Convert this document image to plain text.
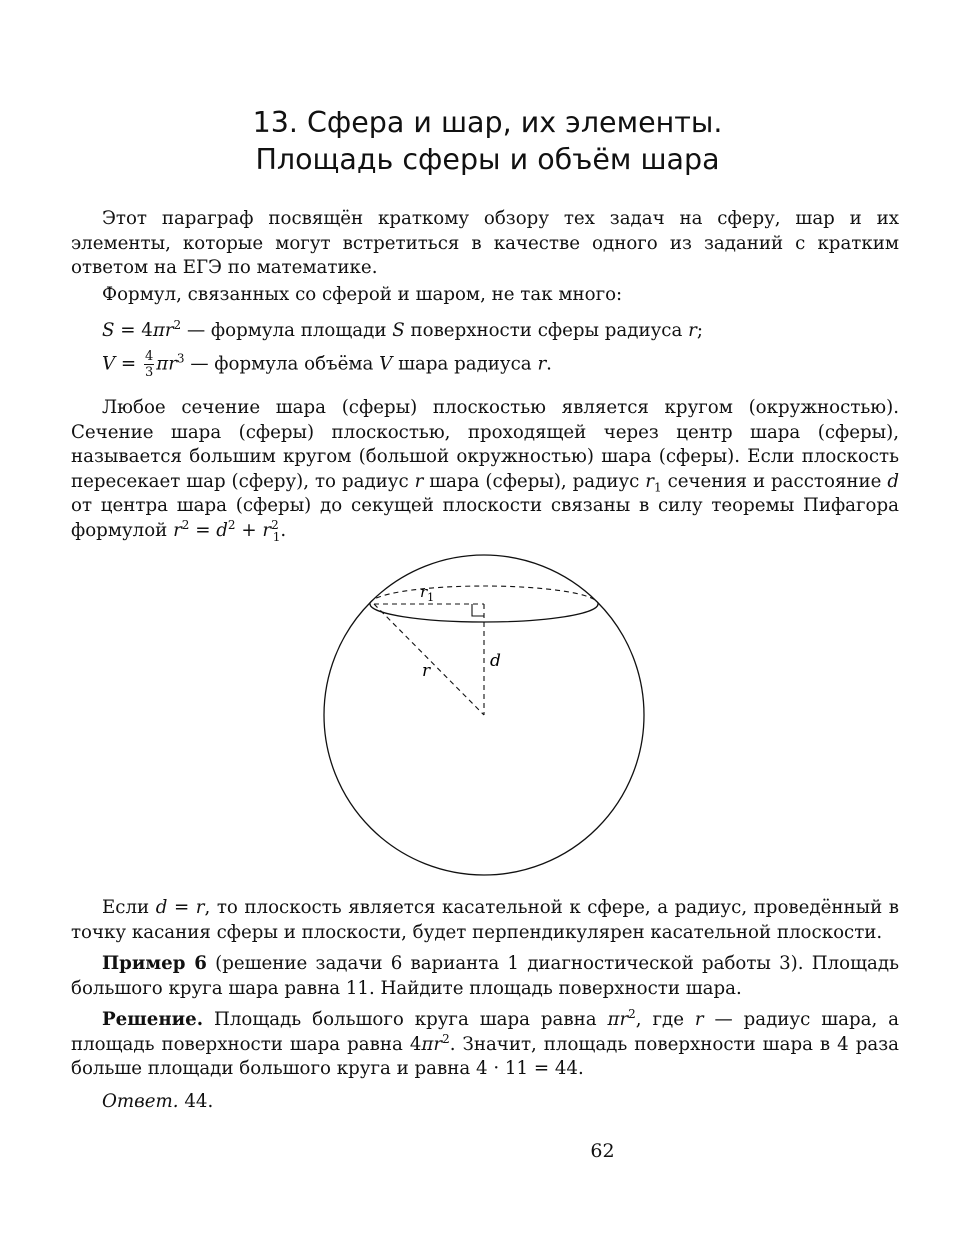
13. Сфера и шар, их элементы.
Площадь сферы и объём шара

Этот параграф посвящён краткому обзору тех задач на сферу, шар и их элементы, которые могут встретиться в качестве одного из заданий с кратким ответом на ЕГЭ по математике.

Формул, связанных со сферой и шаром, не так много:

$S = 4\pi r^2$ — формула площади S поверхности сферы радиуса r;
$V = \frac{4}{3} \pi r^3$ — формула объёма V шара радиуса r.

Любое сечение шара (сферы) плоскостью является кругом (окружностью). Сечение шара (сферы) плоскостью, проходящей через центр шара (сферы), называется большим кругом (большой окружностью) шара (сферы). Если плоскость пересекает шар (сферу), то радиус r шара (сферы), радиус $r_1$ сечения и расстояние d от центра шара (сферы) до секущей плоскости связаны в силу теоремы Пифагора формулой $r^2 = d^2 + r^2_1$.

$r_1$
d
r

Если d = r, то плоскость является касательной к сфере, а радиус, проведённый в точку касания сферы и плоскости, будет перпендикулярен касательной плоскости.

Пример 6 (решение задачи 6 варианта 1 диагностической работы 3). Площадь большого круга шара равна 11. Найдите площадь поверхности шара.

Решение. Площадь большого круга шара равна $\pi r^2$, где r — радиус шара, а площадь поверхности шара равна $4\pi r^2$. Значит, площадь поверхности шара в 4 раза больше площади большого круга и равна 4 · 11 = 44.

Ответ. 44.

62
